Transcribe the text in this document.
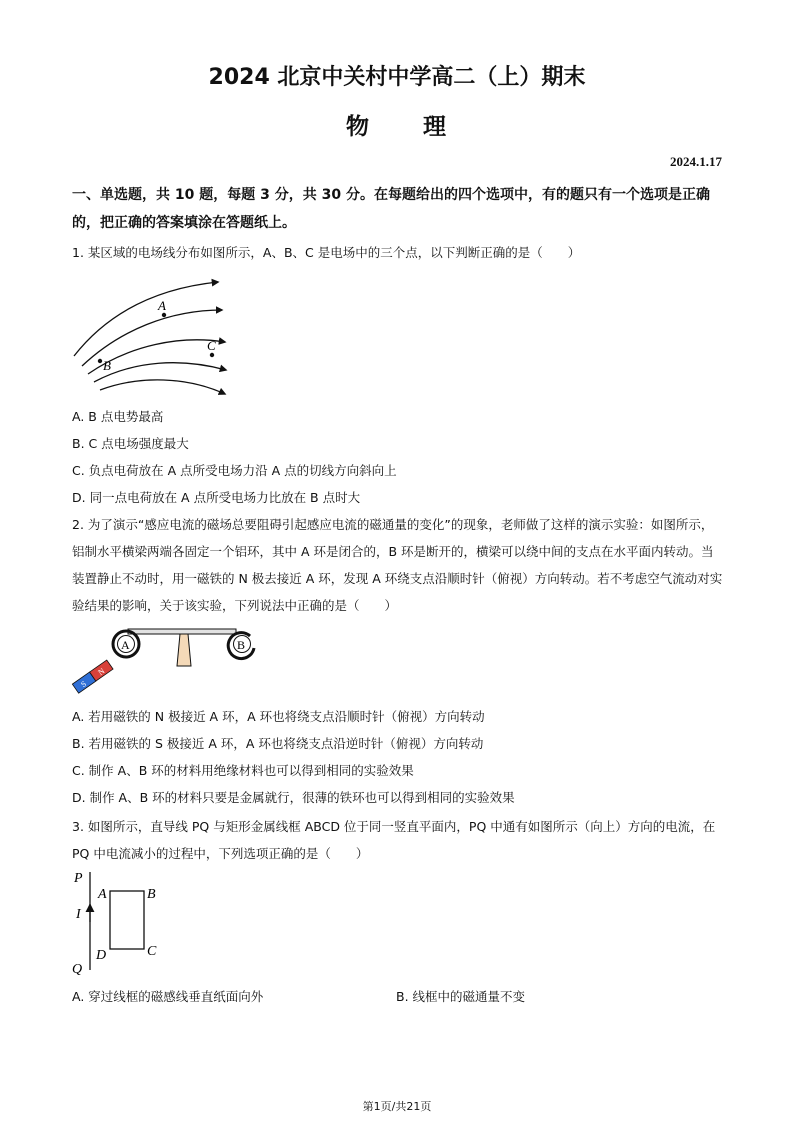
2024 北京中关村中学高二（上）期末
物 理
2024.1.17
一、单选题，共 10 题，每题 3 分，共 30 分。在每题给出的四个选项中，有的题只有一个选项是正确的，把正确的答案填涂在答题纸上。
1. 某区域的电场线分布如图所示，A、B、C 是电场中的三个点，以下判断正确的是（　　）
A
B
C
A. B 点电势最高
B. C 点电场强度最大
C. 负点电荷放在 A 点所受电场力沿 A 点的切线方向斜向上
D. 同一点电荷放在 A 点所受电场力比放在 B 点时大
2. 为了演示“感应电流的磁场总要阻碍引起感应电流的磁通量的变化”的现象，老师做了这样的演示实验：如图所示，铝制水平横梁两端各固定一个铝环，其中 A 环是闭合的，B 环是断开的，横梁可以绕中间的支点在水平面内转动。当装置静止不动时，用一磁铁的 N 极去接近 A 环，发现 A 环绕支点沿顺时针（俯视）方向转动。若不考虑空气流动对实验结果的影响，关于该实验，下列说法中正确的是（　　）
A	B
S
N
A. 若用磁铁的 N 极接近 A 环，A 环也将绕支点沿顺时针（俯视）方向转动
B. 若用磁铁的 S 极接近 A 环，A 环也将绕支点沿逆时针（俯视）方向转动
C. 制作 A、B 环的材料用绝缘材料也可以得到相同的实验效果
D. 制作 A、B 环的材料只要是金属就行，很薄的铁环也可以得到相同的实验效果
3. 如图所示，直导线 PQ 与矩形金属线框 ABCD 位于同一竖直平面内，PQ 中通有如图所示（向上）方向的电流，在 PQ 中电流减小的过程中，下列选项正确的是（　　）
P
Q
I
A	B
C
D
A. 穿过线框的磁感线垂直纸面向外	B. 线框中的磁通量不变
第1页/共21页
